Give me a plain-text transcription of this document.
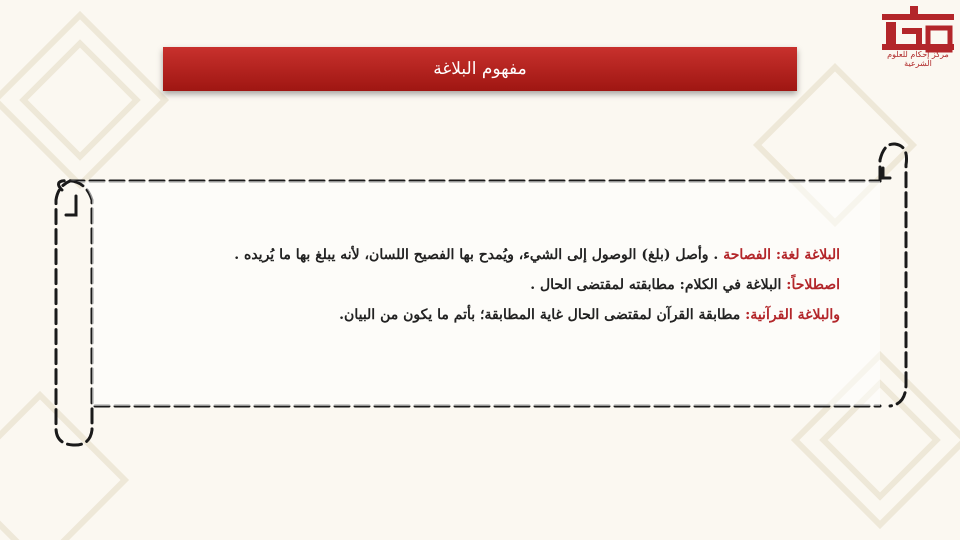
مركز إحكام للعلوم الشرعية
مفهوم البلاغة
البلاغة لغة: الفصاحة . وأصل (بلغ) الوصول إلى الشيء، ويُمدح بها الفصيح اللسان، لأنه يبلغ بها ما يُريده .
اصطلاحاً: البلاغة في الكلام: مطابقته لمقتضى الحال .
والبلاغة القرآنية: مطابقة القرآن لمقتضى الحال غاية المطابقة؛ بأتم ما يكون من البيان.
